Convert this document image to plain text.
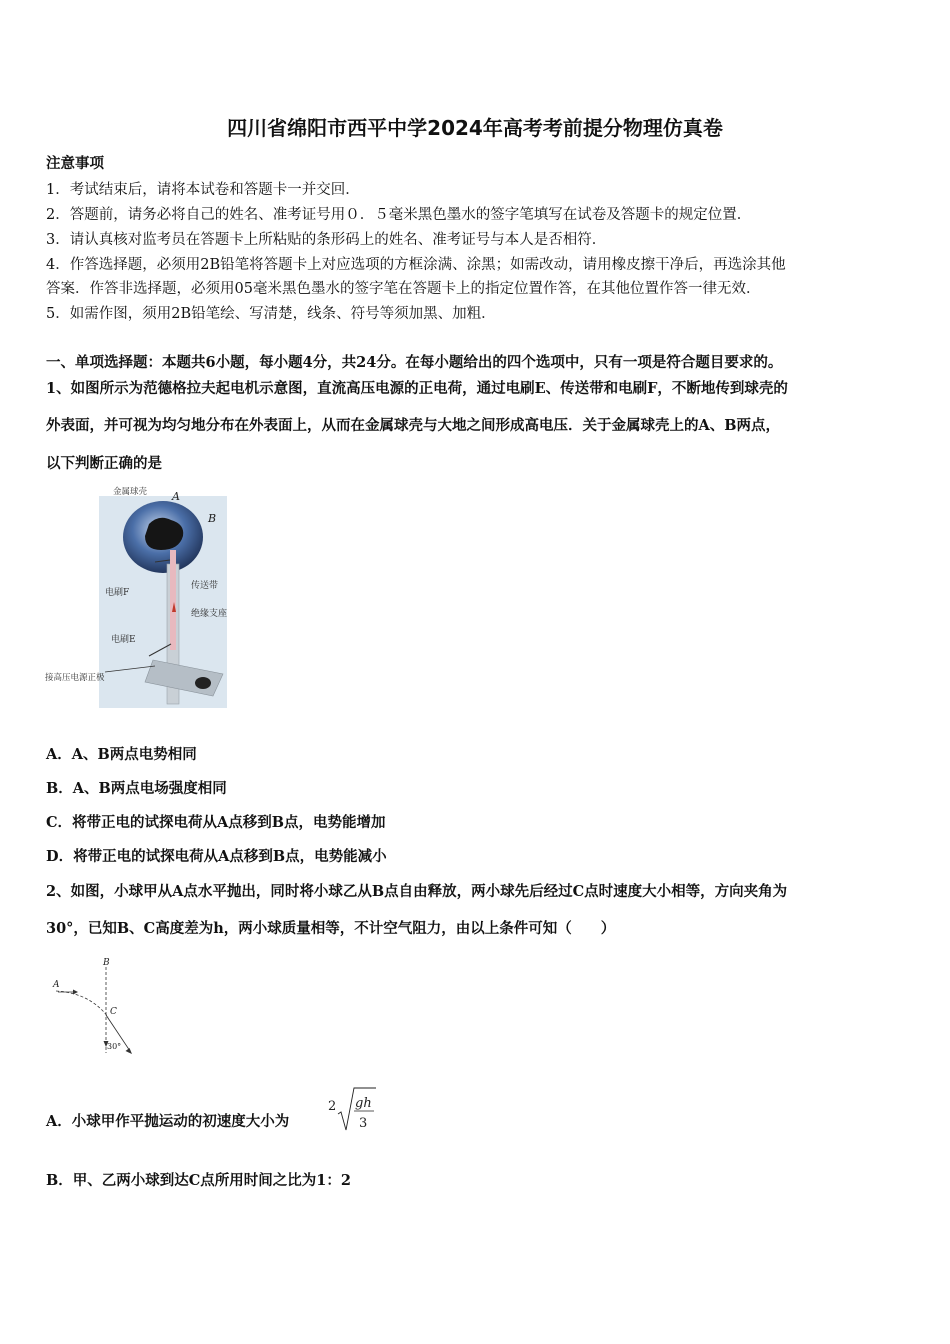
四川省绵阳市西平中学2024年高考考前提分物理仿真卷
注意事项
1．考试结束后，请将本试卷和答题卡一并交回．
2．答题前，请务必将自己的姓名、准考证号用０．５毫米黑色墨水的签字笔填写在试卷及答题卡的规定位置．
3．请认真核对监考员在答题卡上所粘贴的条形码上的姓名、准考证号与本人是否相符．
4．作答选择题，必须用2B铅笔将答题卡上对应选项的方框涂满、涂黑；如需改动，请用橡皮擦干净后，再选涂其他
答案．作答非选择题，必须用05毫米黑色墨水的签字笔在答题卡上的指定位置作答，在其他位置作答一律无效．
5．如需作图，须用2B铅笔绘、写清楚，线条、符号等须加黑、加粗．
一、单项选择题：本题共6小题，每小题4分，共24分。在每小题给出的四个选项中，只有一项是符合题目要求的。
1、如图所示为范德格拉夫起电机示意图，直流高压电源的正电荷，通过电刷E、传送带和电刷F，不断地传到球壳的
外表面，并可视为均匀地分布在外表面上，从而在金属球壳与大地之间形成高电压．关于金属球壳上的A、B两点，
以下判断正确的是
金属球壳 A
B
电刷F
传送带
绝缘支座
电刷E
接高压电源正极
A．A、B两点电势相同
B．A、B两点电场强度相同
C．将带正电的试探电荷从A点移到B点，电势能增加
D．将带正电的试探电荷从A点移到B点，电势能减小
2、如图，小球甲从A点水平抛出，同时将小球乙从B点自由释放，两小球先后经过C点时速度大小相等，方向夹角为
30°，已知B、C高度差为h，两小球质量相等，不计空气阻力，由以上条件可知（　　）
A
B
C
30°
A．小球甲作平抛运动的初速度大小为
2 gh
3
B．甲、乙两小球到达C点所用时间之比为1：2
